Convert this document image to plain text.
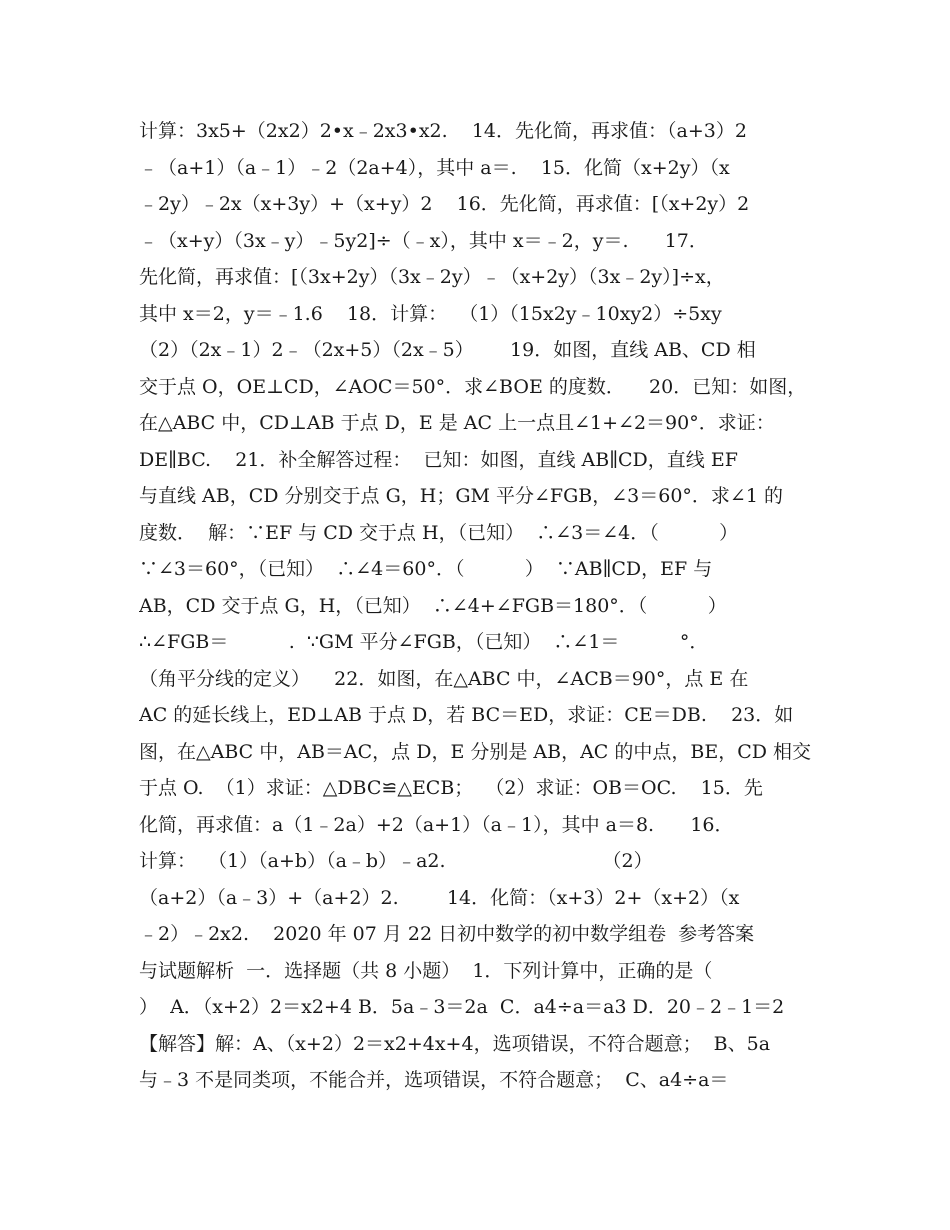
计算：3x5+（2x2）2•x﹣2x3•x2.    14．先化简，再求值：（a+3）2
﹣（a+1）（a﹣1）﹣2（2a+4），其中 a＝.    15．化简（x+2y）（x
﹣2y）﹣2x（x+3y）+（x+y）2    16．先化简，再求值：[（x+2y）2
﹣（x+y）（3x﹣y）﹣5y2]÷（﹣x），其中 x＝﹣2，y＝.      17．
先化简，再求值：[（3x+2y）（3x﹣2y）﹣（x+2y）（3x﹣2y）]÷x，
其中 x＝2，y＝﹣1.6    18．计算：  （1）（15x2y﹣10xy2）÷5xy
（2）（2x﹣1）2﹣（2x+5）（2x﹣5）      19．如图，直线 AB、CD 相
交于点 O，OE⊥CD，∠AOC＝50°．求∠BOE 的度数．    20．已知：如图，
在△ABC 中，CD⊥AB 于点 D，E 是 AC 上一点且∠1+∠2＝90°．求证：
DE∥BC.    21．补全解答过程：  已知：如图，直线 AB∥CD，直线 EF
与直线 AB，CD 分别交于点 G，H；GM 平分∠FGB，∠3＝60°．求∠1 的
度数．  解：∵EF 与 CD 交于点 H，（已知）  ∴∠3＝∠4．（          ）
∵∠3＝60°，（已知）  ∴∠4＝60°．（          ）  ∵AB∥CD，EF 与
AB，CD 交于点 G，H，（已知）  ∴∠4+∠FGB＝180°．（          ）
∴∠FGB＝          .  ∵GM 平分∠FGB，（已知）  ∴∠1＝          °．
（角平分线的定义）    22．如图，在△ABC 中，∠ACB＝90°，点 E 在
AC 的延长线上，ED⊥AB 于点 D，若 BC＝ED，求证：CE＝DB.    23．如
图，在△ABC 中，AB＝AC，点 D，E 分别是 AB，AC 的中点，BE，CD 相交
于点 O.  （1）求证：△DBC≌△ECB；  （2）求证：OB＝OC.    15．先
化简，再求值：a（1﹣2a）+2（a+1）（a﹣1），其中 a＝8.      16．
计算：  （1）（a+b）（a﹣b）﹣a2.                          （2）
（a+2）（a﹣3）+（a+2）2.        14．化简：（x+3）2+（x+2）（x
﹣2）﹣2x2.    2020 年 07 月 22 日初中数学的初中数学组卷  参考答案
与试题解析  一．选择题（共 8 小题）  1．下列计算中，正确的是（
）  A．（x+2）2＝x2+4 B．5a﹣3＝2a  C．a4÷a＝a3 D．20﹣2﹣1＝2
【解答】解：A、（x+2）2＝x2+4x+4，选项错误，不符合题意；  B、5a
与﹣3 不是同类项，不能合并，选项错误，不符合题意；  C、a4÷a＝
